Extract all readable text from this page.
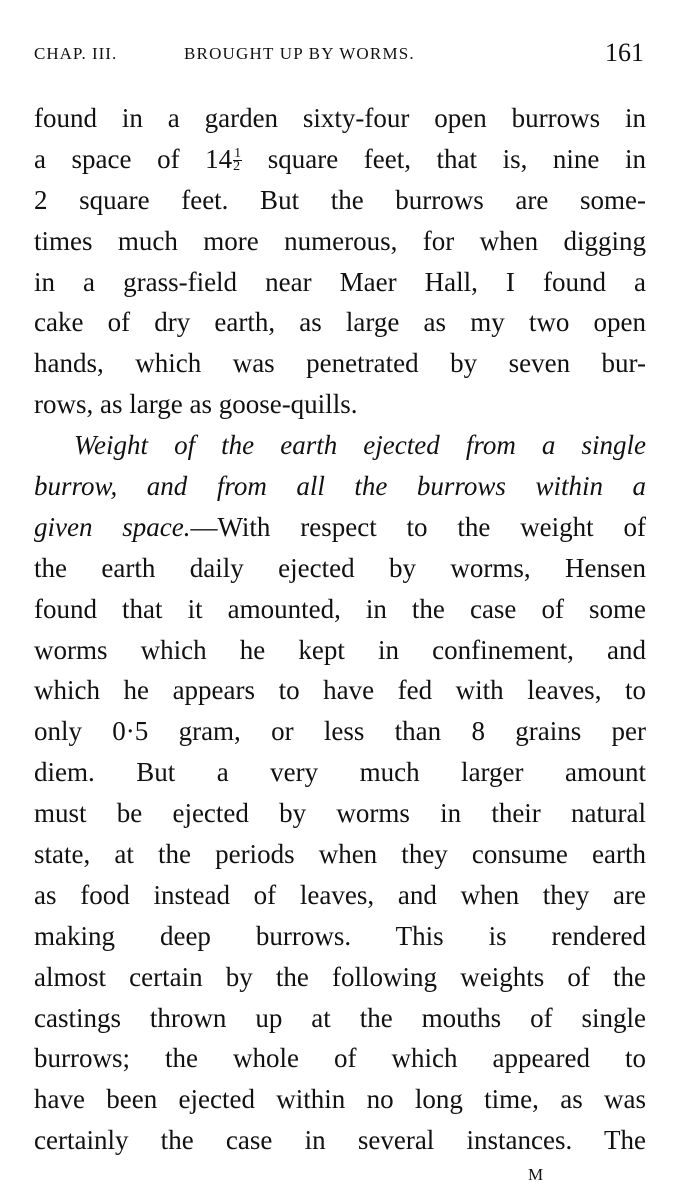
CHAP. III.	BROUGHT UP BY WORMS.	161
found in a garden sixty-four open burrows in
a space of $14 \frac{1}{2}$ square feet, that is, nine in
2 square feet. But the burrows are some-
times much more numerous, for when digging
in a grass-field near Maer Hall, I found a
cake of dry earth, as large as my two open
hands, which was penetrated by seven bur-
rows, as large as goose-quills.
Weight of the earth ejected from a single
burrow, and from all the burrows within a
given space.—With respect to the weight of
the earth daily ejected by worms, Hensen
found that it amounted, in the case of some
worms which he kept in confinement, and
which he appears to have fed with leaves, to
only 0·5 gram, or less than 8 grains per
diem. But a very much larger amount
must be ejected by worms in their natural
state, at the periods when they consume earth
as food instead of leaves, and when they are
making deep burrows. This is rendered
almost certain by the following weights of the
castings thrown up at the mouths of single
burrows; the whole of which appeared to
have been ejected within no long time, as was
certainly the case in several instances. The
M
